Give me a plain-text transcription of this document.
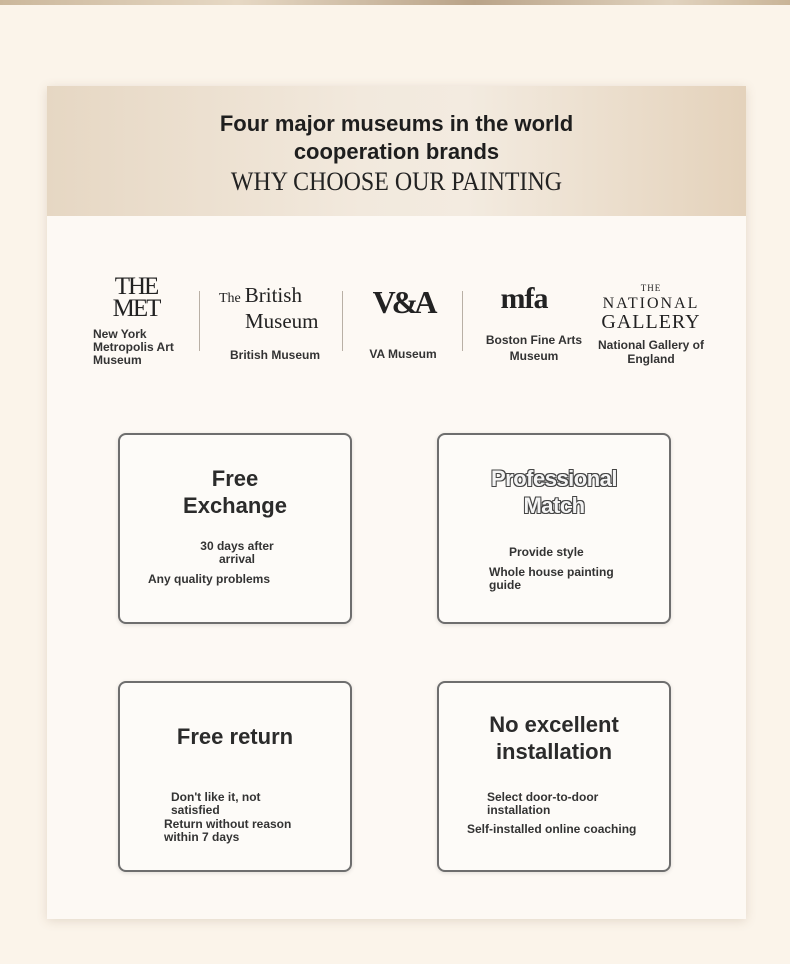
Four major museums in the world
cooperation brands
WHY CHOOSE OUR PAINTING
THE
MET
New York Metropolis Art Museum
The British
Museum
British Museum
V&A
VA Museum
mfa
Boston Fine Arts Museum
THE
NATIONAL
GALLERY
National Gallery of England
Free
Exchange
30 days after arrival
Any quality problems
Professional
Match
Provide style
Whole house painting guide
Free return
Don't like it, not satisfied
Return without reason within 7 days
No excellent
installation
Select door-to-door installation
Self-installed online coaching
